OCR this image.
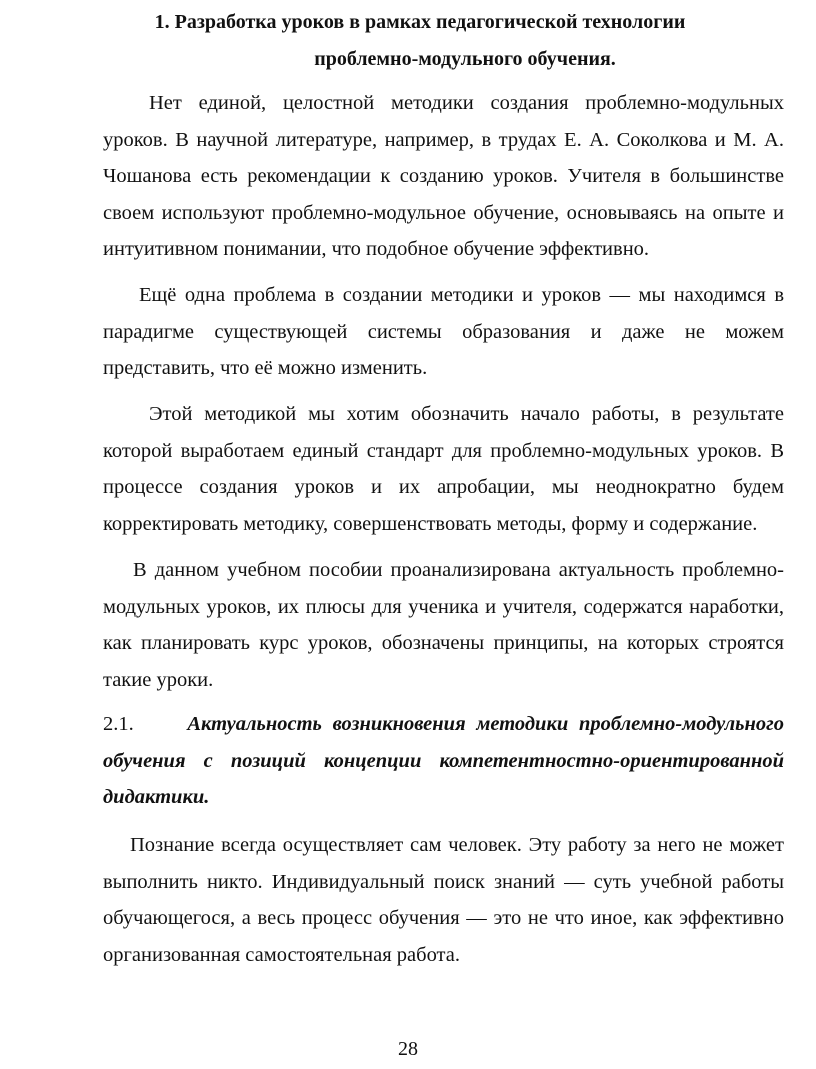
1. Разработка уроков в рамках педагогической технологии
проблемно-модульного обучения.
Нет единой, целостной методики создания проблемно-модульных уроков. В научной литературе, например, в трудах Е. А. Соколкова и М. А. Чошанова есть рекомендации к созданию уроков. Учителя в большинстве своем используют проблемно-модульное обучение, основываясь на опыте и интуитивном понимании, что подобное обучение эффективно.
Ещё одна проблема в создании методики и уроков — мы находимся в парадигме существующей системы образования и даже не можем представить, что её можно изменить.
Этой методикой мы хотим обозначить начало работы, в результате которой выработаем единый стандарт для проблемно-модульных уроков. В процессе создания уроков и их апробации, мы неоднократно будем корректировать методику, совершенствовать методы, форму и содержание.
В данном учебном пособии проанализирована актуальность проблемно-модульных уроков, их плюсы для ученика и учителя, содержатся наработки, как планировать курс уроков, обозначены принципы, на которых строятся такие уроки.
2.1.	Актуальность возникновения методики проблемно-модульного обучения с позиций концепции компетентностно-ориентированной дидактики.
Познание всегда осуществляет сам человек. Эту работу за него не может выполнить никто. Индивидуальный поиск знаний — суть учебной работы обучающегося, а весь процесс обучения — это не что иное, как эффективно организованная самостоятельная работа.
28
